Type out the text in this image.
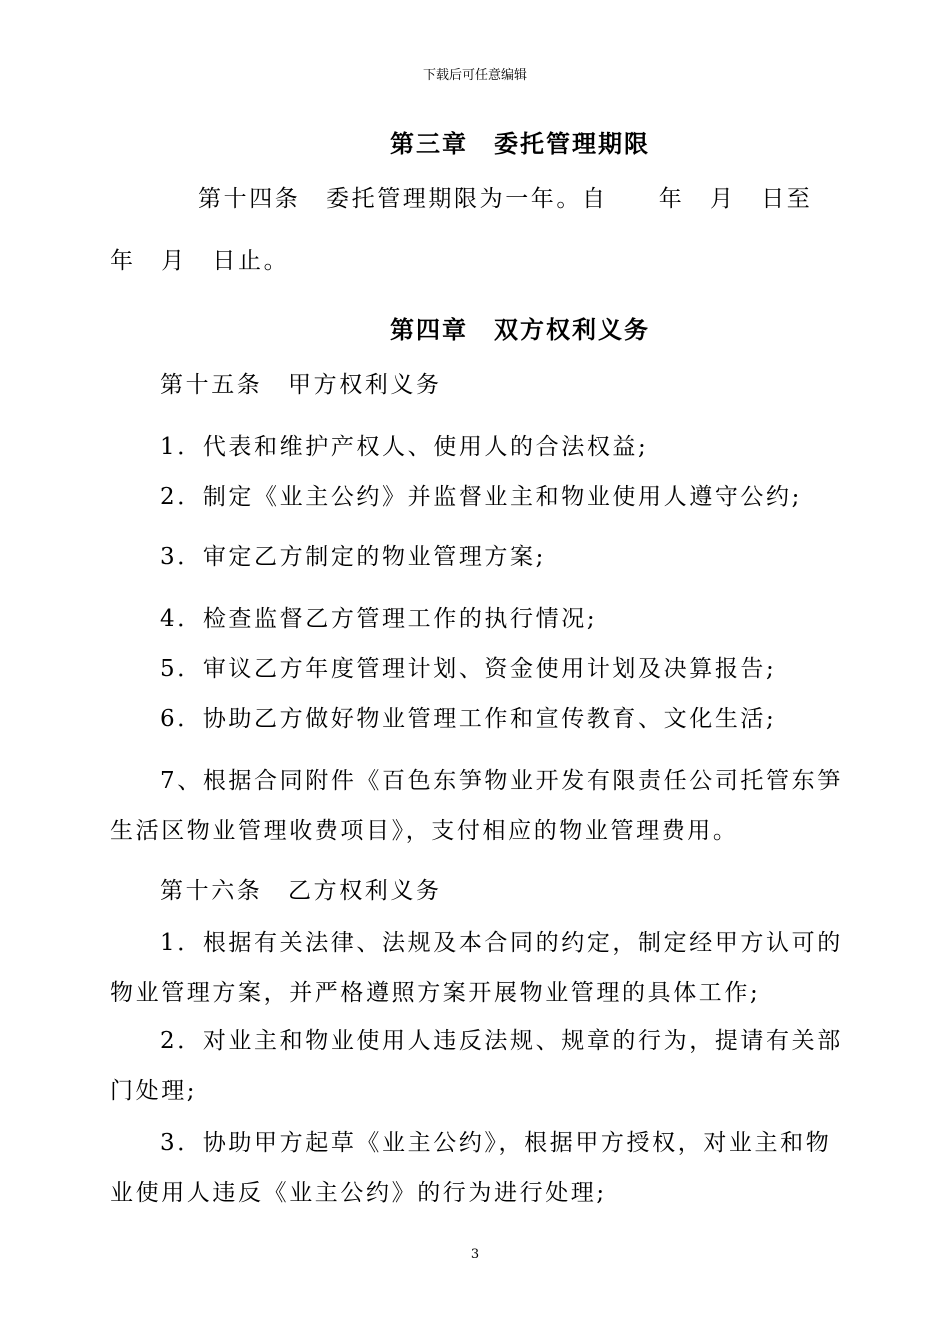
下载后可任意编辑
第三章　委托管理期限
第十四条　委托管理期限为一年。自　　年　月　日至
年　月　日止。
第四章　双方权利义务
第十五条　甲方权利义务
1．代表和维护产权人、使用人的合法权益;
2．制定《业主公约》并监督业主和物业使用人遵守公约;
3．审定乙方制定的物业管理方案;
4．检查监督乙方管理工作的执行情况;
5．审议乙方年度管理计划、资金使用计划及决算报告;
6．协助乙方做好物业管理工作和宣传教育、文化生活;
7、根据合同附件《百色东笋物业开发有限责任公司托管东笋
生活区物业管理收费项目》，支付相应的物业管理费用。
第十六条　乙方权利义务
1．根据有关法律、法规及本合同的约定，制定经甲方认可的
物业管理方案，并严格遵照方案开展物业管理的具体工作;
2．对业主和物业使用人违反法规、规章的行为，提请有关部
门处理;
3．协助甲方起草《业主公约》，根据甲方授权，对业主和物
业使用人违反《业主公约》的行为进行处理;
3
